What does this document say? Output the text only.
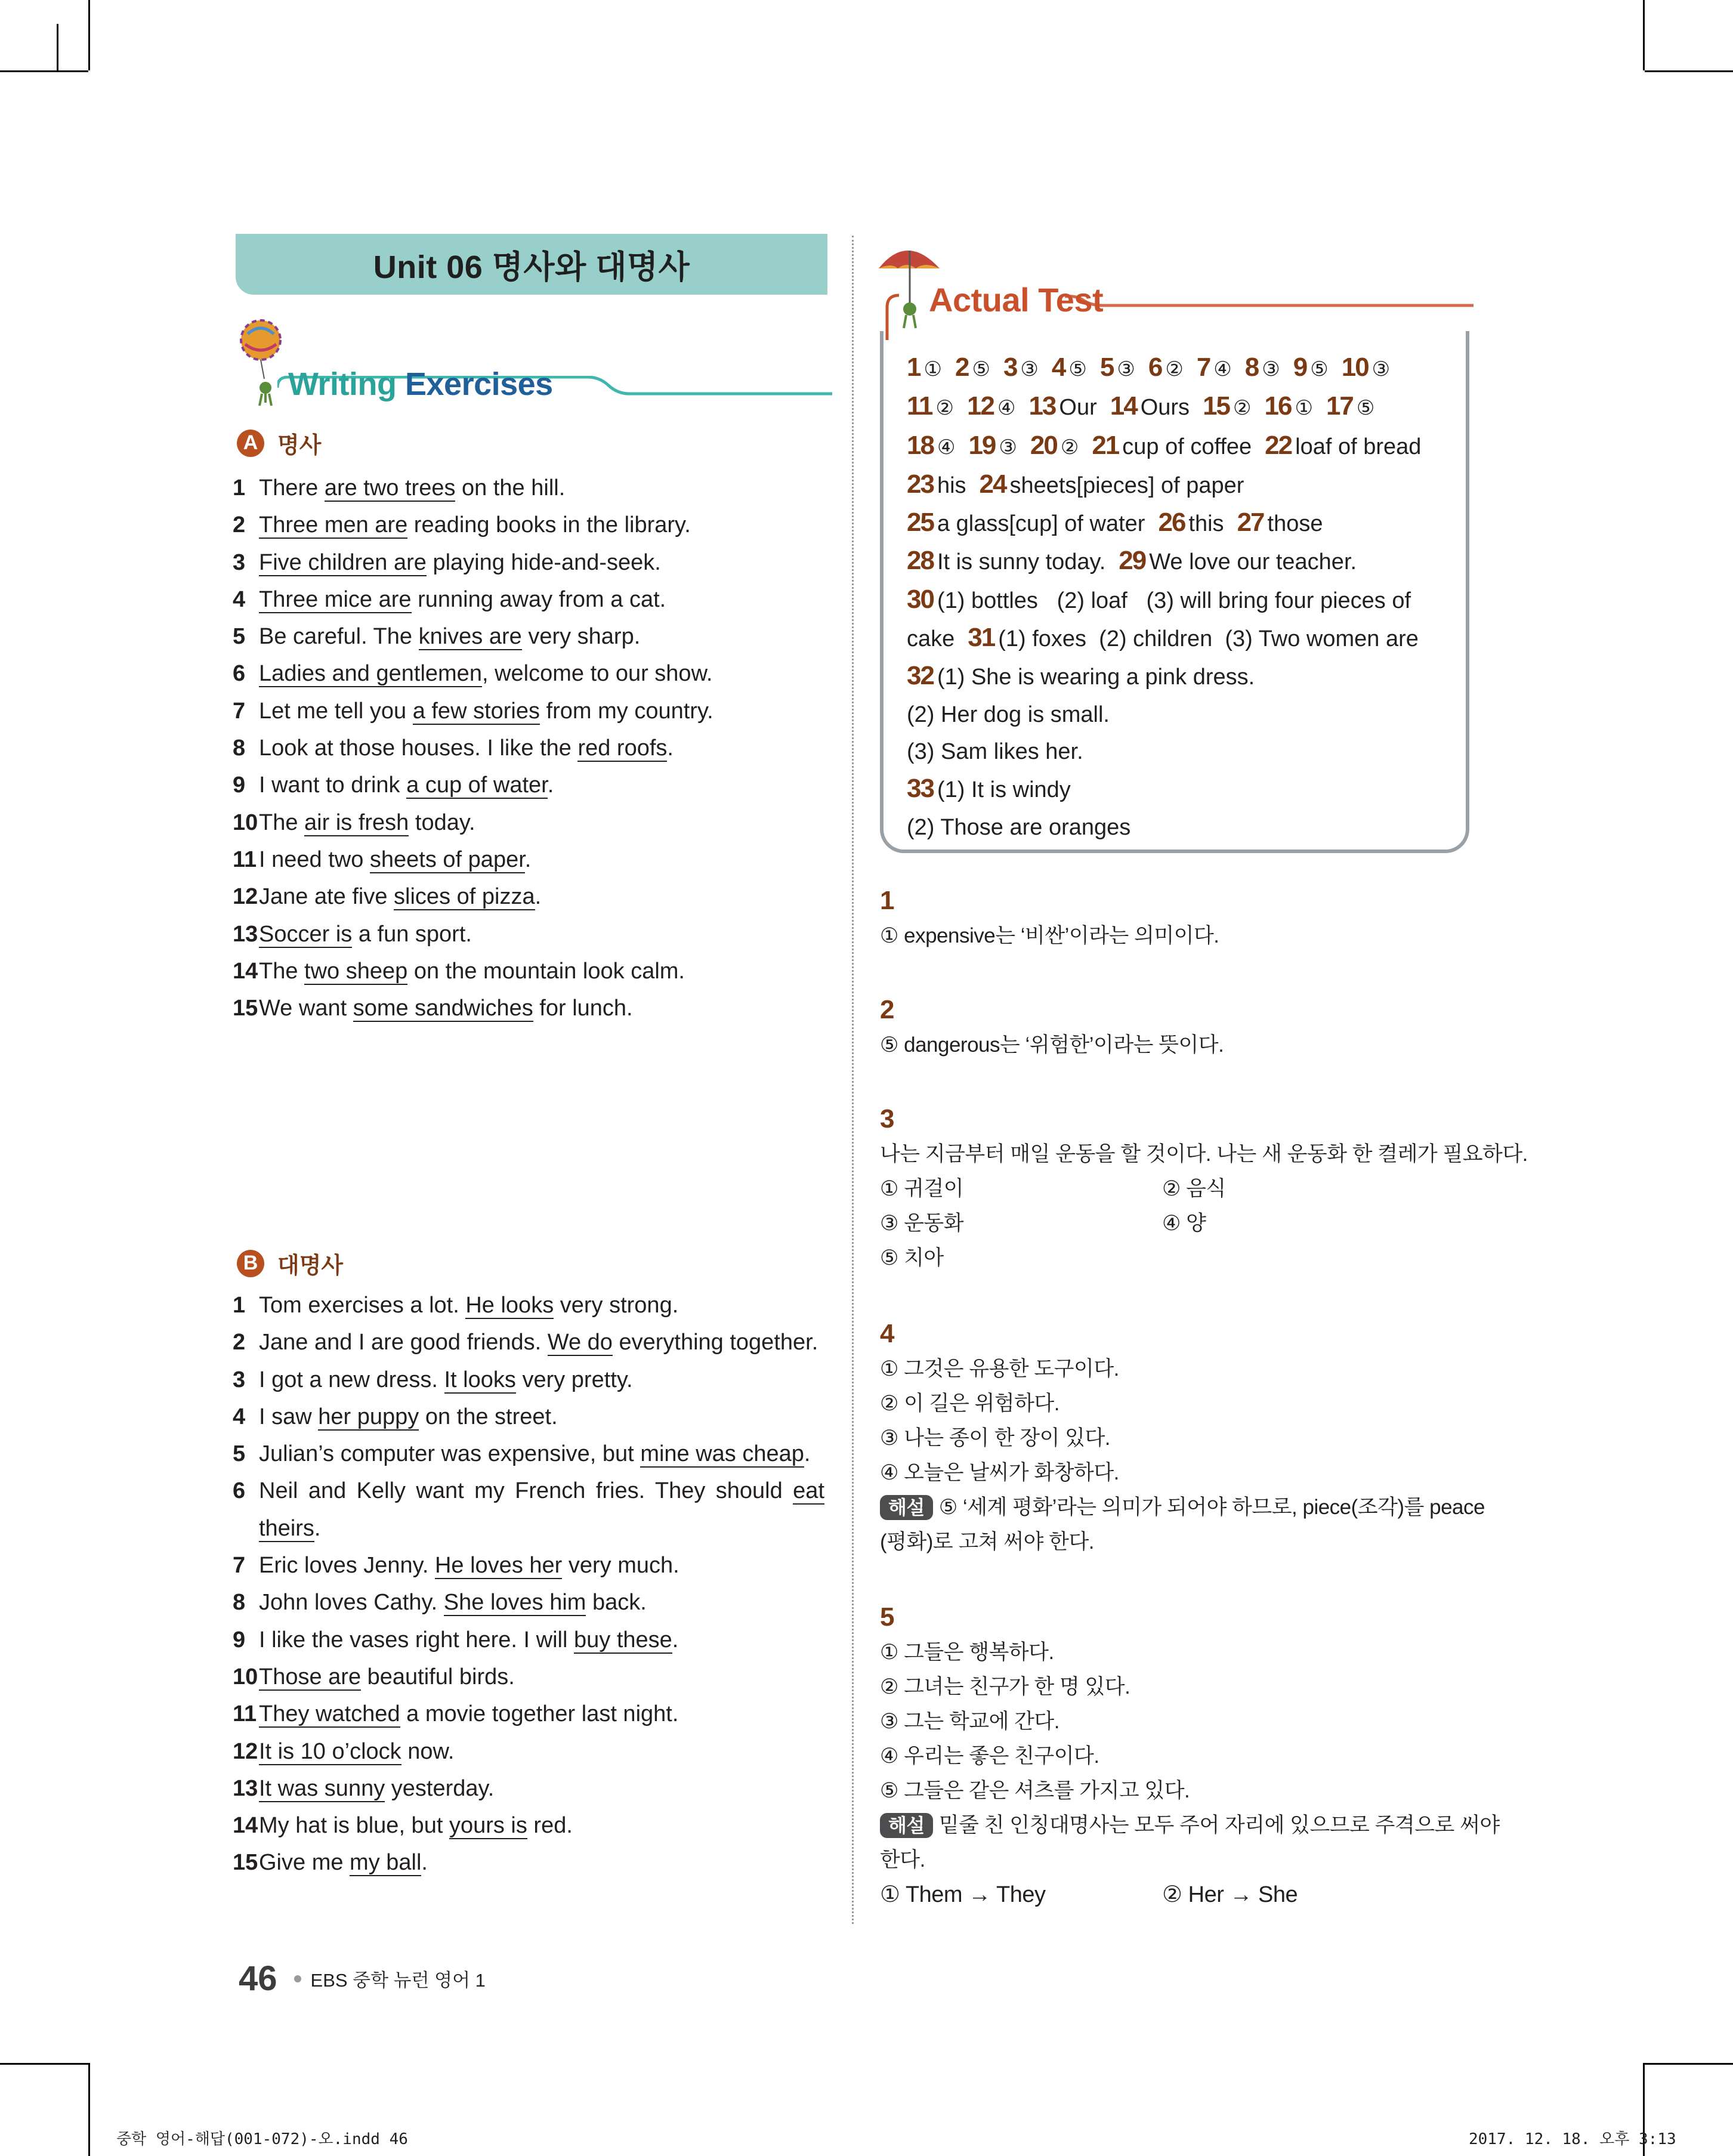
Unit 06 명사와 대명사
Writing Exercises
A 명사
1 There are two trees on the hill.
2 Three men are reading books in the library.
3 Five children are playing hide-and-seek.
4 Three mice are running away from a cat.
5 Be careful. The knives are very sharp.
6 Ladies and gentlemen, welcome to our show.
7 Let me tell you a few stories from my country.
8 Look at those houses. I like the red roofs.
9 I want to drink a cup of water.
10 The air is fresh today.
11 I need two sheets of paper.
12 Jane ate five slices of pizza.
13 Soccer is a fun sport.
14 The two sheep on the mountain look calm.
15 We want some sandwiches for lunch.
B 대명사
1 Tom exercises a lot. He looks very strong.
2 Jane and I are good friends. We do everything together.
3 I got a new dress. It looks very pretty.
4 I saw her puppy on the street.
5 Julian’s computer was expensive, but mine was cheap.
6 Neil and Kelly want my French fries. They should eat theirs.
7 Eric loves Jenny. He loves her very much.
8 John loves Cathy. She loves him back.
9 I like the vases right here. I will buy these.
10 Those are beautiful birds.
11 They watched a movie together last night.
12 It is 10 o’clock now.
13 It was sunny yesterday.
14 My hat is blue, but yours is red.
15 Give me my ball.
Actual Test
1 ① 2 ⑤ 3 ③ 4 ⑤ 5 ③ 6 ② 7 ④ 8 ③ 9 ⑤ 10 ③
11 ② 12 ④ 13 Our 14 Ours 15 ② 16 ① 17 ⑤
18 ④ 19 ③ 20 ② 21 cup of coffee 22 loaf of bread
23 his 24 sheets[pieces] of paper
25 a glass[cup] of water 26 this 27 those
28 It is sunny today. 29 We love our teacher.
30 (1) bottles   (2) loaf   (3) will bring four pieces of
cake 31 (1) foxes  (2) children  (3) Two women are
32 (1) She is wearing a pink dress.
(2) Her dog is small.
(3) Sam likes her.
33 (1) It is windy
(2) Those are oranges
1
① expensive는 ‘비싼’이라는 의미이다.
2
⑤ dangerous는 ‘위험한’이라는 뜻이다.
3
나는 지금부터 매일 운동을 할 것이다. 나는 새 운동화 한 켤레가 필요하다.
① 귀걸이	② 음식
③ 운동화	④ 양
⑤ 치아
4
① 그것은 유용한 도구이다.
② 이 길은 위험하다.
③ 나는 종이 한 장이 있다.
④ 오늘은 날씨가 화창하다.
해설 ⑤ ‘세계 평화’라는 의미가 되어야 하므로, piece(조각)를 peace
(평화)로 고쳐 써야 한다.
5
① 그들은 행복하다.
② 그녀는 친구가 한 명 있다.
③ 그는 학교에 간다.
④ 우리는 좋은 친구이다.
⑤ 그들은 같은 셔츠를 가지고 있다.
해설 밑줄 친 인칭대명사는 모두 주어 자리에 있으므로 주격으로 써야
한다.
① Them → They	② Her → She
46 EBS 중학 뉴런 영어 1
중학 영어-해답(001-072)-오.indd 46	2017. 12. 18. 오후 3:13
